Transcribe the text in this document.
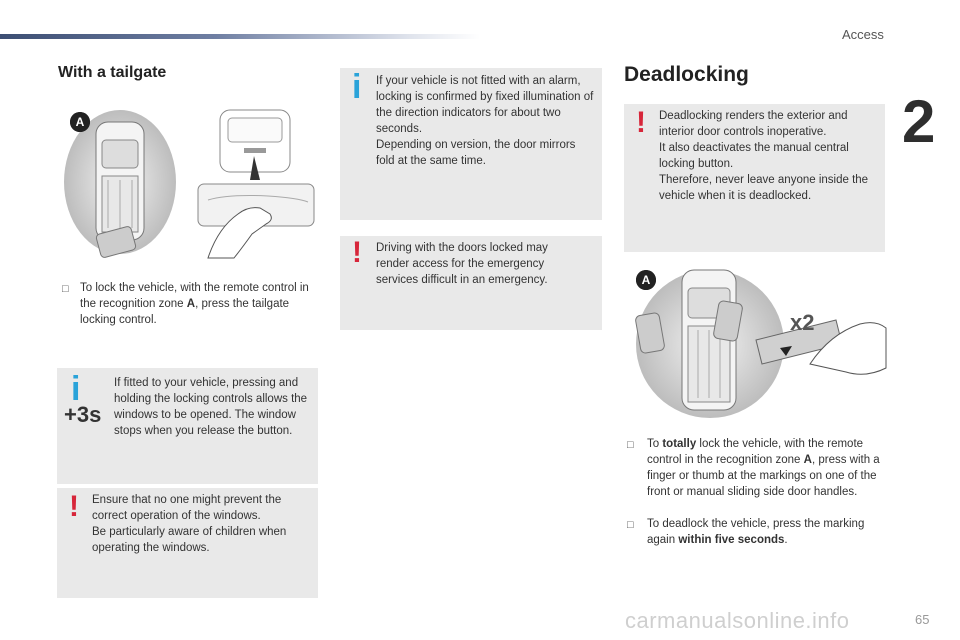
Access
2
65
With a tailgate
A
□ To lock the vehicle, with the remote control in the recognition zone A, press the tailgate locking control.
i
+3s
If fitted to your vehicle, pressing and holding the locking controls allows the windows to be opened. The window stops when you release the button.
! Ensure that no one might prevent the correct operation of the windows.
Be particularly aware of children when operating the windows.
i If your vehicle is not fitted with an alarm, locking is confirmed by fixed illumination of the direction indicators for about two seconds.
Depending on version, the door mirrors fold at the same time.
! Driving with the doors locked may render access for the emergency services difficult in an emergency.
Deadlocking
! Deadlocking renders the exterior and interior door controls inoperative.
It also deactivates the manual central locking button.
Therefore, never leave anyone inside the vehicle when it is deadlocked.
A
x2
□ To totally lock the vehicle, with the remote control in the recognition zone A, press with a finger or thumb at the markings on one of the front or manual sliding side door handles.
□ To deadlock the vehicle, press the marking again within five seconds.
carmanualsonline.info
